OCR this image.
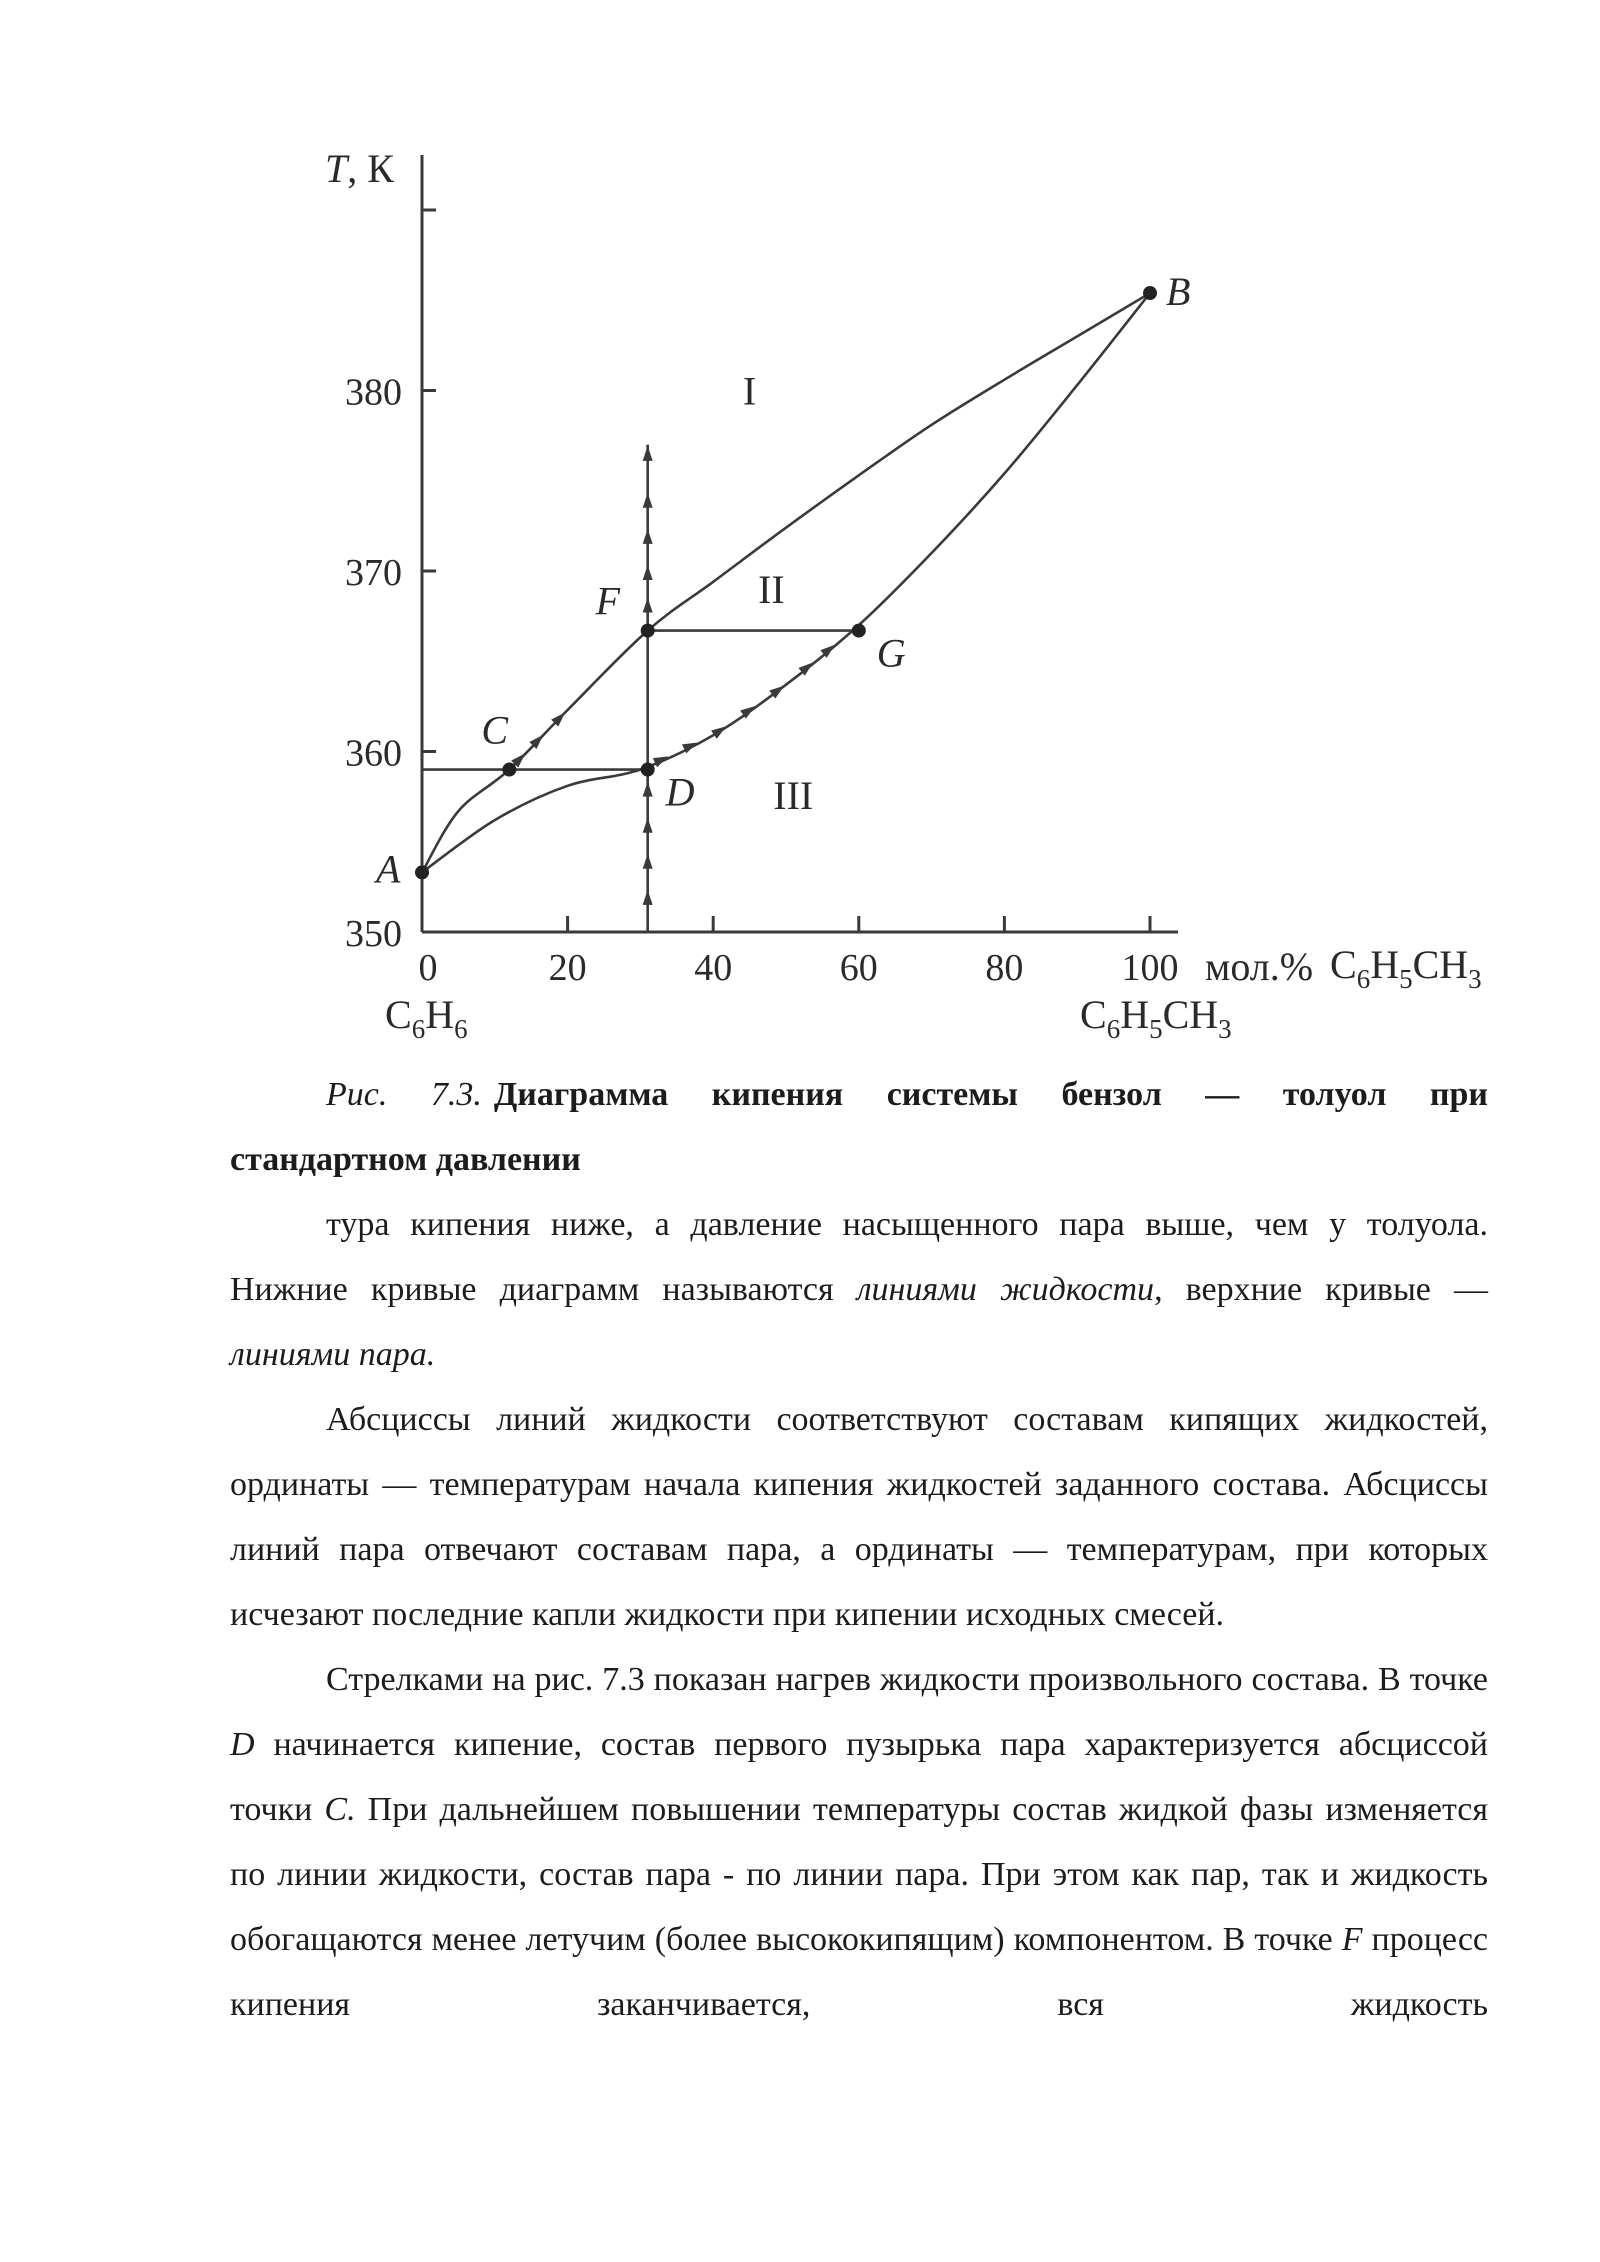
350
360
370
380
0	20	40	60	80	100
T, К
мол.% $C_6H_5CH_3$
$C_6H_6$	$C_6H_5CH_3$
A
B
C
D
F
G
I
II
III
Рис. 7.3. Диаграмма кипения системы бензол — толуол при
стандартном давлении

тура кипения ниже, а давление насыщенного пара выше, чем у толуола. Нижние кривые диаграмм называются линиями жидкости, верхние кривые — линиями пара.

Абсциссы линий жидкости соответствуют составам кипящих жидкостей, ординаты — температурам начала кипения жидкостей заданного состава. Абсциссы линий пара отвечают составам пара, а ординаты — температурам, при которых исчезают последние капли жидкости при кипении исходных смесей.

Стрелками на рис. 7.3 показан нагрев жидкости произвольного состава. В точке D начинается кипение, состав первого пузырька пара характеризуется абсциссой точки C. При дальнейшем повышении температуры состав жидкой фазы изменяется по линии жидкости, состав пара - по линии пара. При этом как пар, так и жидкость обогащаются менее летучим (более высококипящим) компонентом. В точке F процесс кипения заканчивается, вся жидкость
